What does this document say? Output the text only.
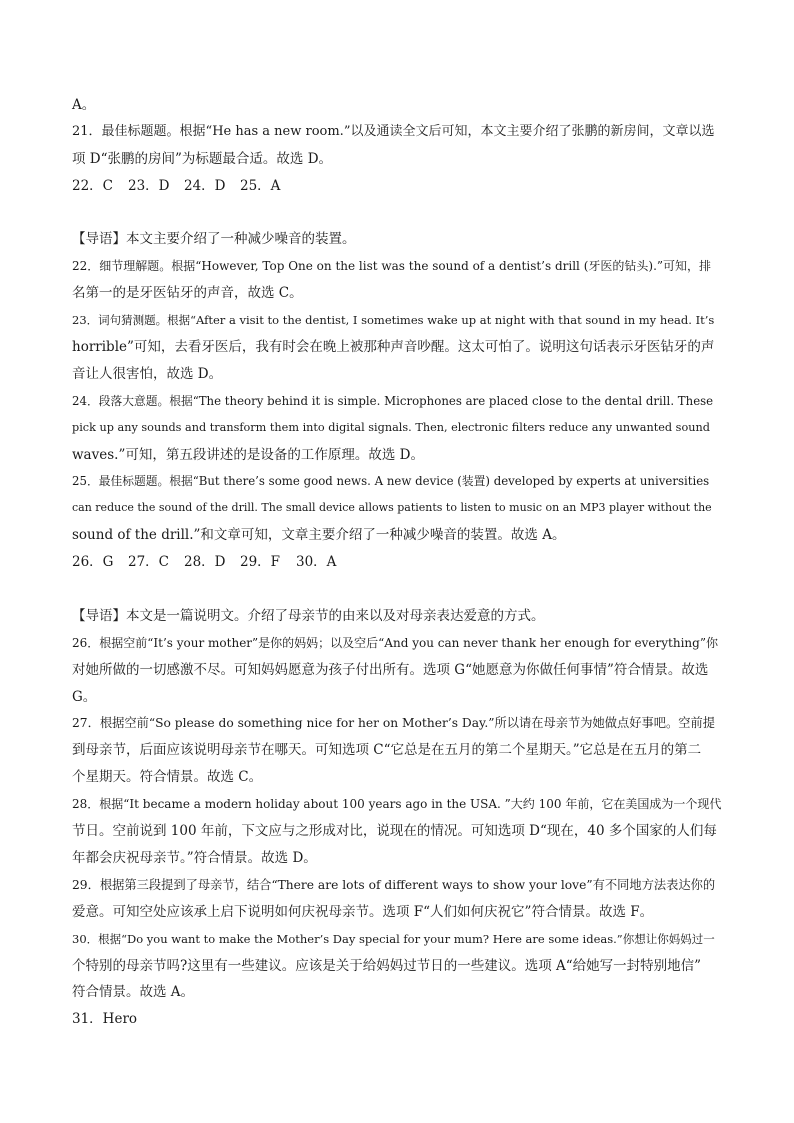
A。
21．最佳标题题。根据“He has a new room.”以及通读全文后可知，本文主要介绍了张鹏的新房间，文章以选
项 D“张鹏的房间”为标题最合适。故选 D。
22．C 23．D 24．D 25．A
【导语】本文主要介绍了一种减少噪音的装置。
22．细节理解题。根据“However, Top One on the list was the sound of a dentist’s drill (牙医的钻头).”可知，排
名第一的是牙医钻牙的声音，故选 C。
23．词句猜测题。根据“After a visit to the dentist, I sometimes wake up at night with that sound in my head. It’s
horrible”可知，去看牙医后，我有时会在晚上被那种声音吵醒。这太可怕了。说明这句话表示牙医钻牙的声
音让人很害怕，故选 D。
24．段落大意题。根据“The theory behind it is simple. Microphones are placed close to the dental drill. These
pick up any sounds and transform them into digital signals. Then, electronic filters reduce any unwanted sound
waves.”可知，第五段讲述的是设备的工作原理。故选 D。
25．最佳标题题。根据“But there’s some good news. A new device (装置) developed by experts at universities
can reduce the sound of the drill. The small device allows patients to listen to music on an MP3 player without the
sound of the drill.”和文章可知，文章主要介绍了一种减少噪音的装置。故选 A。
26．G 27．C 28．D 29．F 30．A
【导语】本文是一篇说明文。介绍了母亲节的由来以及对母亲表达爱意的方式。
26．根据空前“It’s your mother”是你的妈妈；以及空后“And you can never thank her enough for everything”你
对她所做的一切感激不尽。可知妈妈愿意为孩子付出所有。选项 G“她愿意为你做任何事情”符合情景。故选
G。
27．根据空前“So please do something nice for her on Mother’s Day.”所以请在母亲节为她做点好事吧。空前提
到母亲节，后面应该说明母亲节在哪天。可知选项 C“它总是在五月的第二个星期天。”它总是在五月的第二
个星期天。符合情景。故选 C。
28．根据“It became a modern holiday about 100 years ago in the USA. ”大约 100 年前，它在美国成为一个现代
节日。空前说到 100 年前，下文应与之形成对比，说现在的情况。可知选项 D“现在，40 多个国家的人们每
年都会庆祝母亲节。”符合情景。故选 D。
29．根据第三段提到了母亲节，结合“There are lots of different ways to show your love”有不同地方法表达你的
爱意。可知空处应该承上启下说明如何庆祝母亲节。选项 F“人们如何庆祝它”符合情景。故选 F。
30．根据“Do you want to make the Mother’s Day special for your mum? Here are some ideas.”你想让你妈妈过一
个特别的母亲节吗?这里有一些建议。应该是关于给妈妈过节日的一些建议。选项 A“给她写一封特别地信”
符合情景。故选 A。
31．Hero
